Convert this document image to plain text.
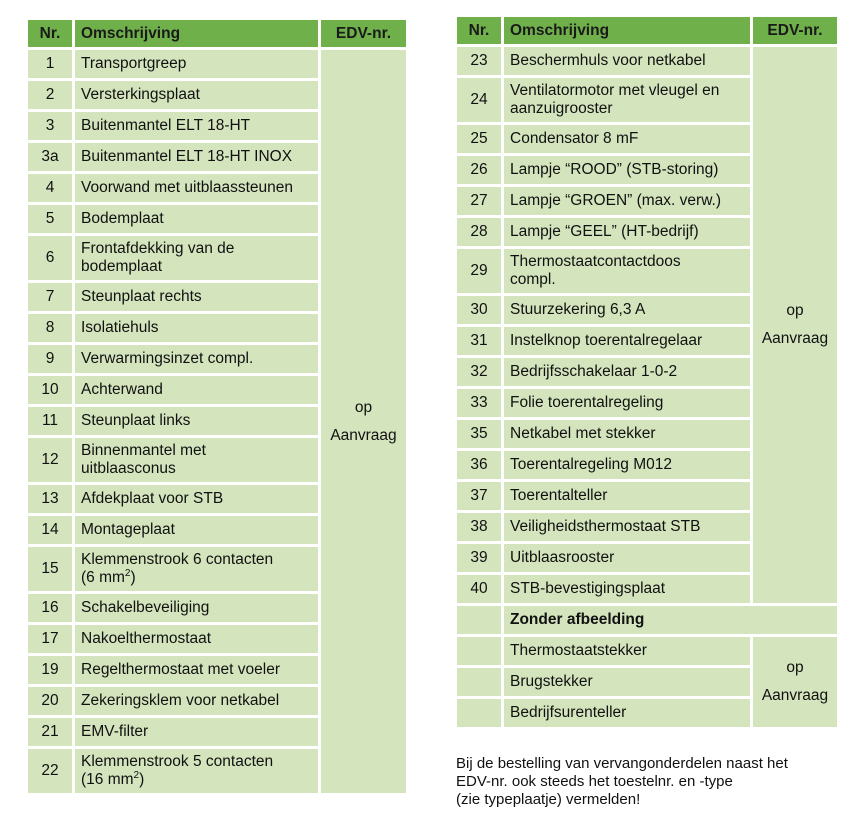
Nr.	Omschrijving	EDV-nr.
1	Transportgreep	op
Aanvraag
2	Versterkingsplaat	
3	Buitenmantel ELT 18-HT	
3a	Buitenmantel ELT 18-HT INOX	
4	Voorwand met uitblaassteunen	
5	Bodemplaat	
6	Frontafdekking van de
bodemplaat	
7	Steunplaat rechts	
8	Isolatiehuls	
9	Verwarmingsinzet compl.	
10	Achterwand	
11	Steunplaat links	
12	Binnenmantel met
uitblaasconus	
13	Afdekplaat voor STB	
14	Montageplaat	
15	Klemmenstrook 6 contacten
(6 $mm^2$)	
16	Schakelbeveiliging	
17	Nakoelthermostaat	
19	Regelthermostaat met voeler	
20	Zekeringsklem voor netkabel	
21	EMV-filter	
22	Klemmenstrook 5 contacten
(16 $mm^2$)	
Nr.	Omschrijving	EDV-nr.
23	Beschermhuls voor netkabel	op
Aanvraag
24	Ventilatormotor met vleugel en
aanzuigrooster	
25	Condensator 8 mF	
26	Lampje “ROOD” (STB-storing)	
27	Lampje “GROEN” (max. verw.)	
28	Lampje “GEEL” (HT-bedrijf)	
29	Thermostaatcontactdoos
compl.	
30	Stuurzekering 6,3 A	
31	Instelknop toerentalregelaar	
32	Bedrijfsschakelaar 1-0-2	
33	Folie toerentalregeling	
35	Netkabel met stekker	
36	Toerentalregeling M012	
37	Toerentalteller	
38	Veiligheidsthermostaat STB	
39	Uitblaasrooster	
40	STB-bevestigingsplaat	
	Zonder afbeelding	
	Thermostaatstekker	op
Aanvraag
	Brugstekker	
	Bedrijfsurenteller	
Bij de bestelling van vervangonderdelen naast het
EDV-nr. ook steeds het toestelnr. en -type
(zie typeplaatje) vermelden!
